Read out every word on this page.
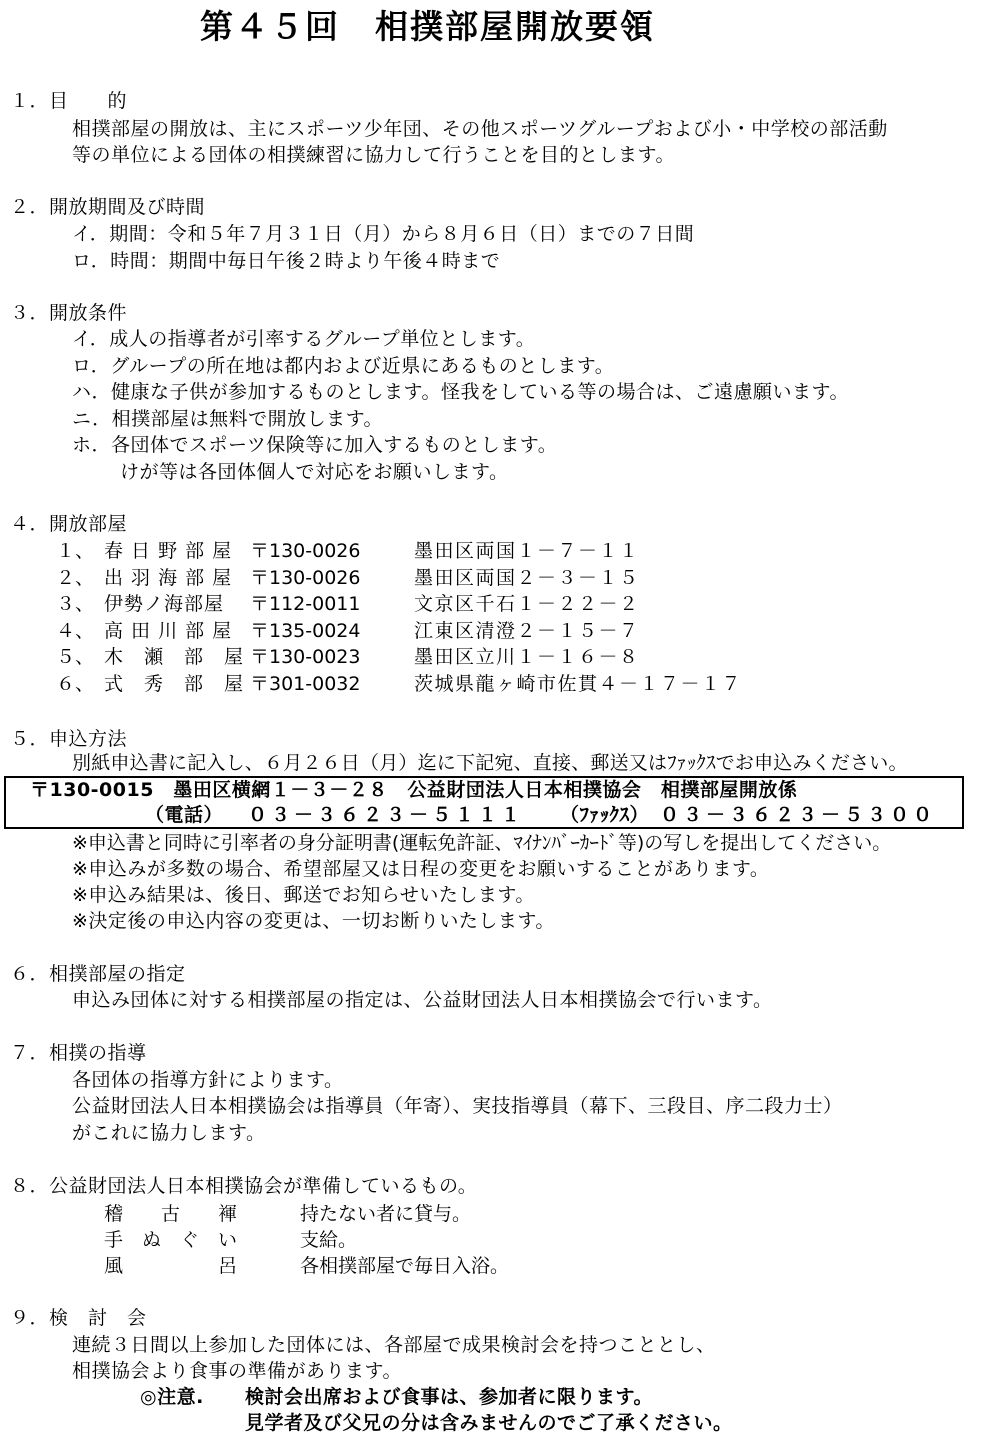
第４５回　相撲部屋開放要領
１．目　　的
相撲部屋の開放は、主にスポーツ少年団、その他スポーツグループおよび小・中学校の部活動
等の単位による団体の相撲練習に協力して行うことを目的とします。
２．開放期間及び時間
イ．期間：令和５年７月３１日（月）から８月６日（日）までの７日間
ロ．時間：期間中毎日午後２時より午後４時まで
３．開放条件
イ．成人の指導者が引率するグループ単位とします。
ロ．グループの所在地は都内および近県にあるものとします。
ハ．健康な子供が参加するものとします。怪我をしている等の場合は、ご遠慮願います。
ニ．相撲部屋は無料で開放します。
ホ．各団体でスポーツ保険等に加入するものとします。
けが等は各団体個人で対応をお願いします。
４．開放部屋
１、 春 日 野 部 屋 〒130-0026	墨田区両国１－７－１１
２、 出 羽 海 部 屋 〒130-0026	墨田区両国２－３－１５
３、 伊勢ノ海部屋 〒112-0011	文京区千石１－２２－２
４、 高 田 川 部 屋 〒135-0024	江東区清澄２－１５－７
５、 木　瀬　部　屋 〒130-0023	墨田区立川１－１６－８
６、 式　秀　部　屋 〒301-0032	茨城県龍ヶ崎市佐貫４－１７－１７
５．申込方法
別紙申込書に記入し、６月２６日（月）迄に下記宛、直接、郵送又はﾌｧｯｸｽでお申込みください。
〒130-0015　墨田区横網１－３－２８　公益財団法人日本相撲協会　相撲部屋開放係
（電話） ０３－３６２３－５１１１ （ﾌｧｯｸｽ） ０３－３６２３－５３００
※申込書と同時に引率者の身分証明書(運転免許証、ﾏｲﾅﾝﾊﾞｰｶｰﾄﾞ等)の写しを提出してください。
※申込みが多数の場合、希望部屋又は日程の変更をお願いすることがあります。
※申込み結果は、後日、郵送でお知らせいたします。
※決定後の申込内容の変更は、一切お断りいたします。
６．相撲部屋の指定
申込み団体に対する相撲部屋の指定は、公益財団法人日本相撲協会で行います。
７．相撲の指導
各団体の指導方針によります。
公益財団法人日本相撲協会は指導員（年寄）、実技指導員（幕下、三段目、序二段力士）
がこれに協力します。
８．公益財団法人日本相撲協会が準備しているもの。
稽　　古　　褌	持たない者に貸与。
手　ぬ　ぐ　い	支給。
風　　　　　呂	各相撲部屋で毎日入浴。
９．検　討　会
連続３日間以上参加した団体には、各部屋で成果検討会を持つこととし、
相撲協会より食事の準備があります。
◎注意. 検討会出席および食事は、参加者に限ります。
見学者及び父兄の分は含みませんのでご了承ください。
